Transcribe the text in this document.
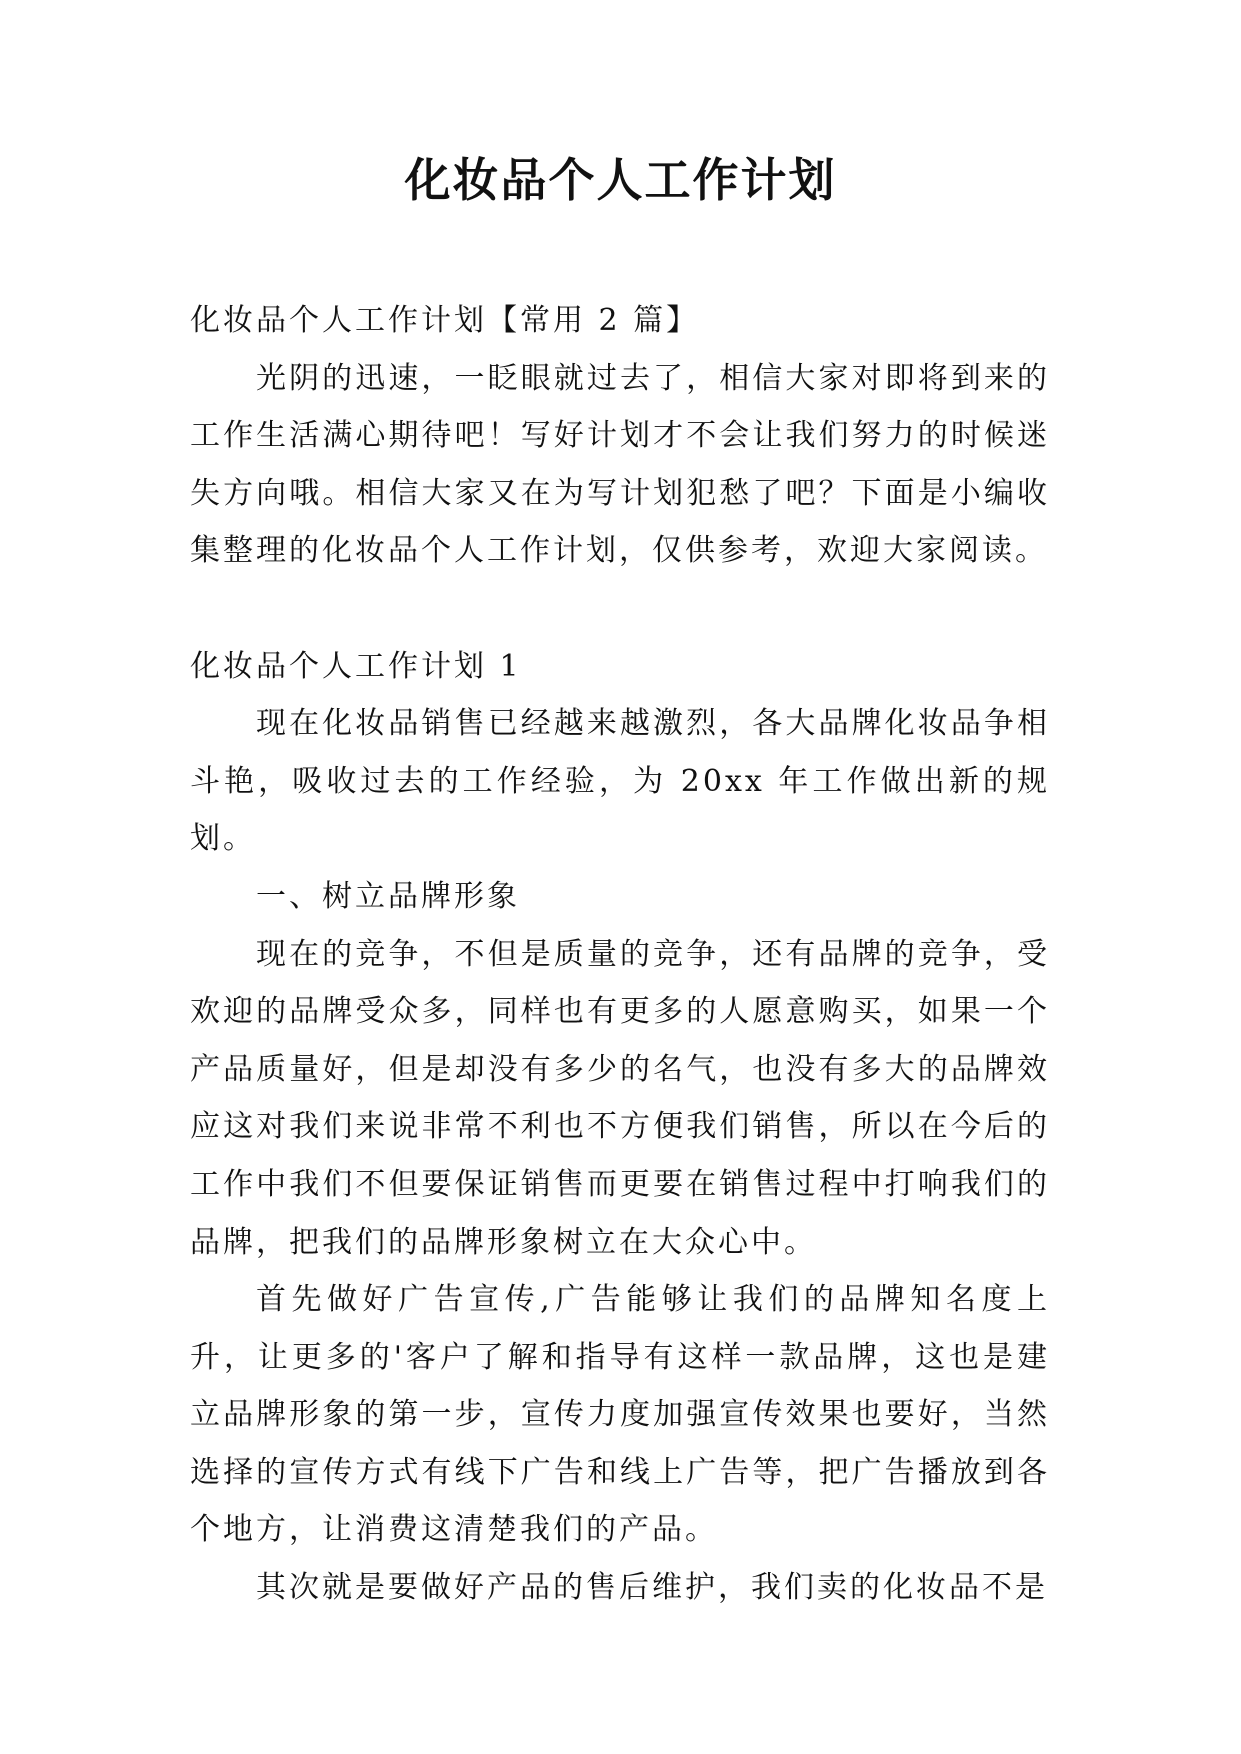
化妆品个人工作计划

化妆品个人工作计划【常用 2 篇】

光阴的迅速，一眨眼就过去了，相信大家对即将到来的工作生活满心期待吧！写好计划才不会让我们努力的时候迷失方向哦。相信大家又在为写计划犯愁了吧？下面是小编收集整理的化妆品个人工作计划，仅供参考，欢迎大家阅读。

化妆品个人工作计划 1

现在化妆品销售已经越来越激烈，各大品牌化妆品争相斗艳，吸收过去的工作经验，为 20xx 年工作做出新的规划。

一、树立品牌形象

现在的竞争，不但是质量的竞争，还有品牌的竞争，受欢迎的品牌受众多，同样也有更多的人愿意购买，如果一个产品质量好，但是却没有多少的名气，也没有多大的品牌效应这对我们来说非常不利也不方便我们销售，所以在今后的工作中我们不但要保证销售而更要在销售过程中打响我们的品牌，把我们的品牌形象树立在大众心中。

首先做好广告宣传,广告能够让我们的品牌知名度上升，让更多的'客户了解和指导有这样一款品牌，这也是建立品牌形象的第一步，宣传力度加强宣传效果也要好，当然选择的宣传方式有线下广告和线上广告等，把广告播放到各个地方，让消费这清楚我们的产品。

其次就是要做好产品的售后维护，我们卖的化妆品不是
